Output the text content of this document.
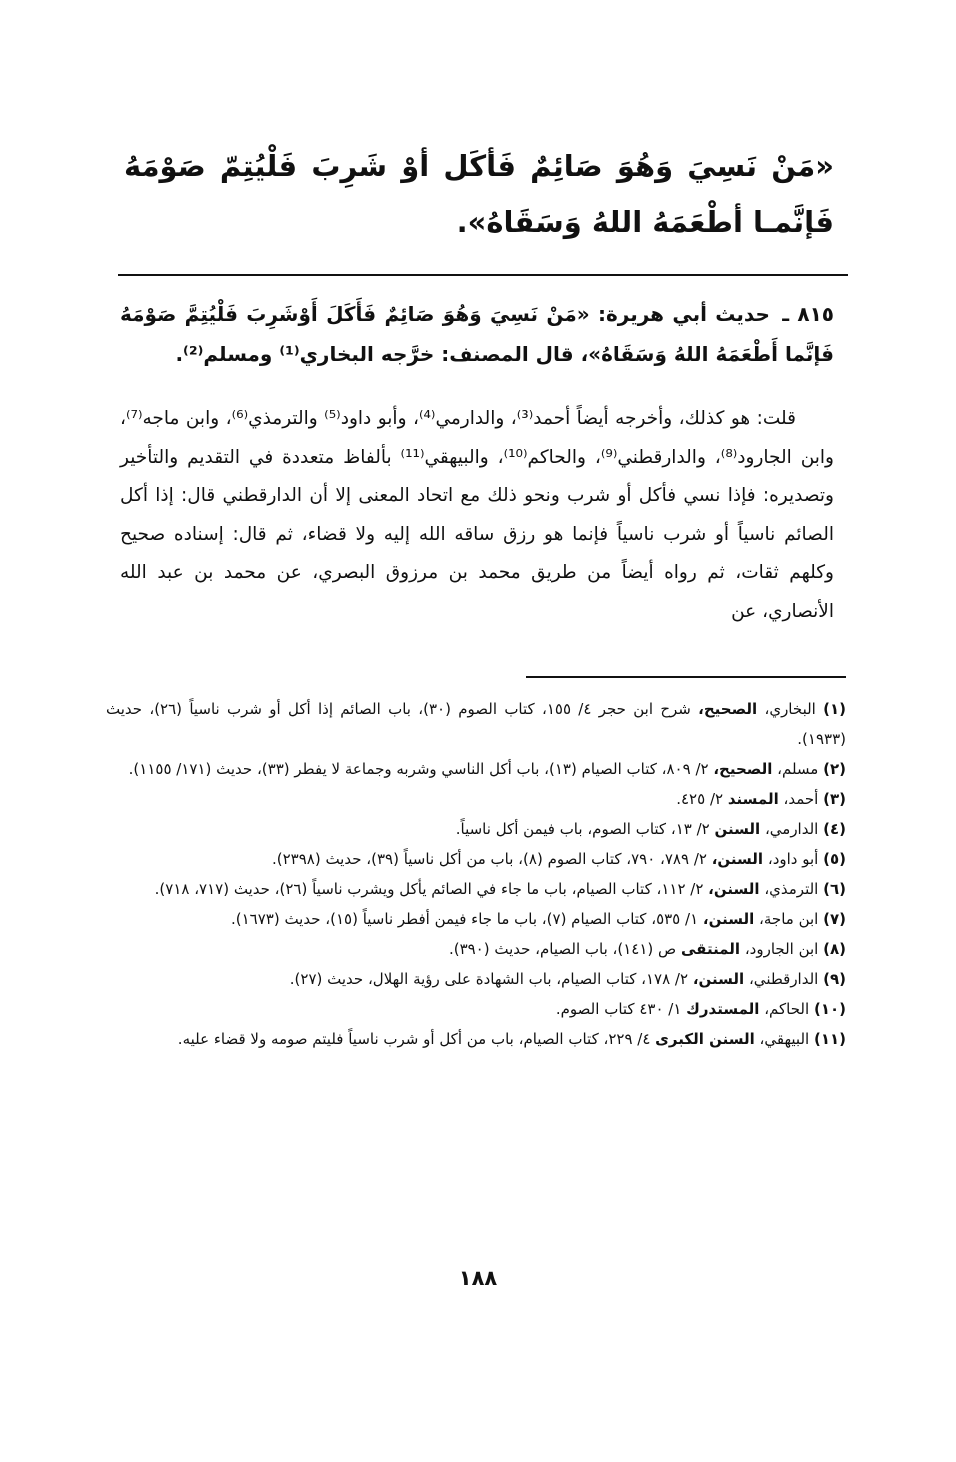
«مَنْ نَسِيَ وَهُوَ صَائِمٌ فَأكَل أوْ شَرِبَ فَلْيُتِمّ صَوْمَهُ فَإنَّمـا أطْعَمَهُ اللهُ وَسَقَاهُ».

٨١٥ ـ حديث أبي هريرة: «مَنْ نَسِيَ وَهُوَ صَائِمٌ فَأَكَلَ أَوْشَرِبَ فَلْيُتِمَّ صَوْمَهُ فَإنَّما أَطْعَمَهُ اللهُ وَسَقَاهُ»، قال المصنف: خرَّجه البخاري⁽¹⁾ ومسلم⁽²⁾.

قلت: هو كذلك، وأخرجه أيضاً أحمد⁽³⁾، والدارمي⁽⁴⁾، وأبو داود⁽⁵⁾ والترمذي⁽⁶⁾، وابن ماجه⁽⁷⁾، وابن الجارود⁽⁸⁾، والدارقطني⁽⁹⁾، والحاكم⁽¹⁰⁾، والبيهقي⁽¹¹⁾ بألفاظ متعددة في التقديم والتأخير وتصديره: فإذا نسي فأكل أو شرب ونحو ذلك مع اتحاد المعنى إلا أن الدارقطني قال: إذا أكل الصائم ناسياً أو شرب ناسياً فإنما هو رزق ساقه الله إليه ولا قضاء، ثم قال: إسناده صحيح وكلهم ثقات، ثم رواه أيضاً من طريق محمد بن مرزوق البصري، عن محمد بن عبد الله الأنصاري، عن

(١) البخاري، الصحيح، شرح ابن حجر ٤/ ١٥٥، كتاب الصوم (٣٠)، باب الصائم إذا أكل أو شرب ناسياً (٢٦)، حديث (١٩٣٣).
(٢) مسلم، الصحيح، ٢/ ٨٠٩، كتاب الصيام (١٣)، باب أكل الناسي وشربه وجماعة لا يفطر (٣٣)، حديث (١٧١/ ١١٥٥).
(٣) أحمد، المسند ٢/ ٤٢٥.
(٤) الدارمي، السنن ٢/ ١٣، كتاب الصوم، باب فيمن أكل ناسياً.
(٥) أبو داود، السنن، ٢/ ٧٨٩، ٧٩٠، كتاب الصوم (٨)، باب من أكل ناسياً (٣٩)، حديث (٢٣٩٨).
(٦) الترمذي، السنن، ٢/ ١١٢، كتاب الصيام، باب ما جاء في الصائم يأكل ويشرب ناسياً (٢٦)، حديث (٧١٧، ٧١٨).
(٧) ابن ماجة، السنن، ١/ ٥٣٥، كتاب الصيام (٧)، باب ما جاء فيمن أفطر ناسياً (١٥)، حديث (١٦٧٣).
(٨) ابن الجارود، المنتقى ص (١٤١)، باب الصيام، حديث (٣٩٠).
(٩) الدارقطني، السنن، ٢/ ١٧٨، كتاب الصيام، باب الشهادة على رؤية الهلال، حديث (٢٧).
(١٠) الحاكم، المستدرك ١/ ٤٣٠ كتاب الصوم.
(١١) البيهقي، السنن الكبرى ٤/ ٢٢٩، كتاب الصيام، باب من أكل أو شرب ناسياً فليتم صومه ولا قضاء عليه.
١٨٨
